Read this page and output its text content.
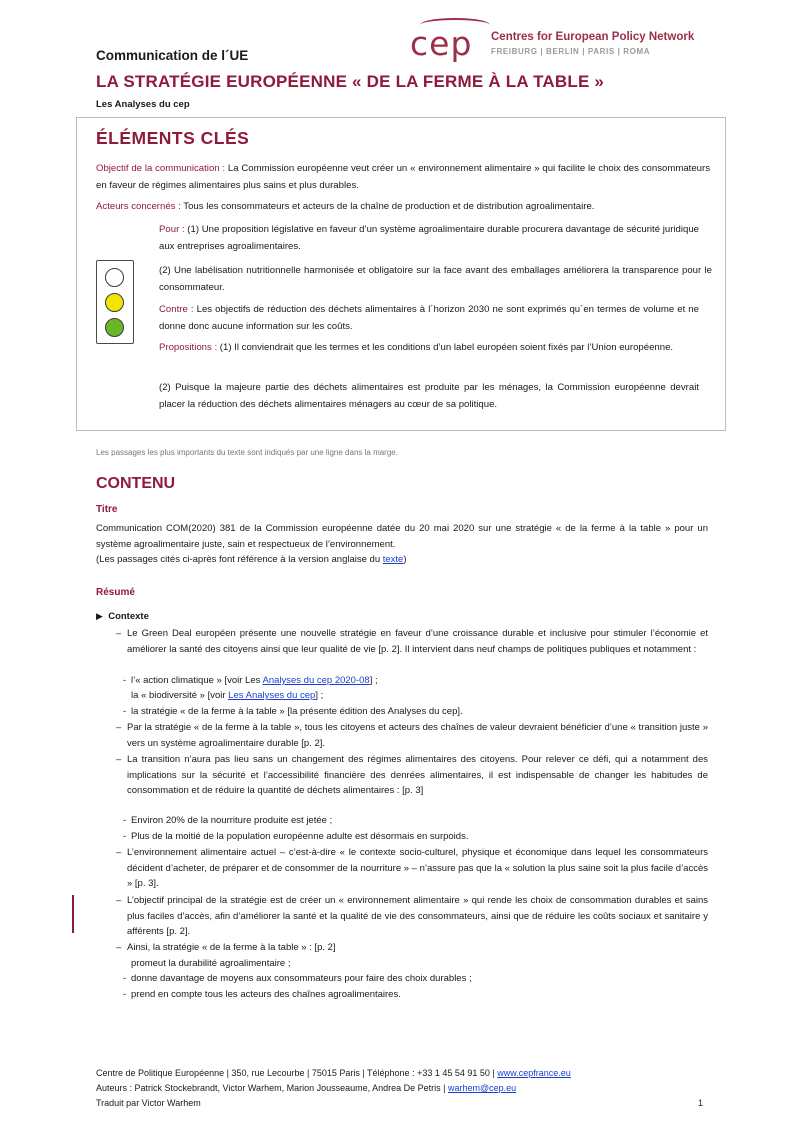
Communication de l´UE	cep Centres for European Policy Network
FREIBURG | BERLIN | PARIS | ROMA
LA STRATÉGIE EUROPÉENNE « DE LA FERME À LA TABLE »
Les Analyses du cep
ÉLÉMENTS CLÉS
Objectif de la communication : La Commission européenne veut créer un « environnement alimentaire » qui facilite le choix des consommateurs en faveur de régimes alimentaires plus sains et plus durables.
Acteurs concernés : Tous les consommateurs et acteurs de la chaîne de production et de distribution agroalimentaire.
Pour : (1) Une proposition législative en faveur d’un système agroalimentaire durable procurera davantage de sécurité juridique aux entreprises agroalimentaires.
(2) Une labélisation nutritionnelle harmonisée et obligatoire sur la face avant des emballages améliorera la transparence pour le consommateur.
Contre : Les objectifs de réduction des déchets alimentaires à l´horizon 2030 ne sont exprimés qu´en termes de volume et ne donne donc aucune information sur les coûts.
Propositions : (1) Il conviendrait que les termes et les conditions d’un label européen soient fixés par l’Union européenne.
(2) Puisque la majeure partie des déchets alimentaires est produite par les ménages, la Commission européenne devrait placer la réduction des déchets alimentaires ménagers au cœur de sa politique.
Les passages les plus importants du texte sont indiqués par une ligne dans la marge.
CONTENU
Titre
Communication COM(2020) 381 de la Commission européenne datée du 20 mai 2020 sur une stratégie « de la ferme à la table » pour un système agroalimentaire juste, sain et respectueux de l’environnement.
(Les passages cités ci-après font référence à la version anglaise du texte)
Résumé
▶ Contexte
– Le Green Deal européen présente une nouvelle stratégie en faveur d’une croissance durable et inclusive pour stimuler l’économie et améliorer la santé des citoyens ainsi que leur qualité de vie [p. 2]. Il intervient dans neuf champs de politiques publiques et notamment :
- l’« action climatique » [voir Les Analyses du cep 2020-08] ;
la « biodiversité » [voir Les Analyses du cep] ;
- la stratégie « de la ferme à la table » [la présente édition des Analyses du cep].
– Par la stratégie « de la ferme à la table », tous les citoyens et acteurs des chaînes de valeur devraient bénéficier d’une « transition juste » vers un système agroalimentaire durable [p. 2].
– La transition n’aura pas lieu sans un changement des régimes alimentaires des citoyens. Pour relever ce défi, qui a notamment des implications sur la sécurité et l’accessibilité financière des denrées alimentaires, il est indispensable de changer les habitudes de consommation et de réduire la quantité de déchets alimentaires : [p. 3]
- Environ 20% de la nourriture produite est jetée ;
- Plus de la moitié de la population européenne adulte est désormais en surpoids.
– L’environnement alimentaire actuel – c’est-à-dire « le contexte socio-culturel, physique et économique dans lequel les consommateurs décident d’acheter, de préparer et de consommer de la nourriture » – n’assure pas que la « solution la plus saine soit la plus facile d’accès » [p. 3].
– L’objectif principal de la stratégie est de créer un « environnement alimentaire » qui rende les choix de consommation durables et sains plus faciles d’accès, afin d’améliorer la santé et la qualité de vie des consommateurs, ainsi que de réduire les coûts sociaux et sanitaire y afférents [p. 2].
– Ainsi, la stratégie « de la ferme à la table » : [p. 2]
promeut la durabilité agroalimentaire ;
- donne davantage de moyens aux consommateurs pour faire des choix durables ;
- prend en compte tous les acteurs des chaînes agroalimentaires.
Centre de Politique Européenne | 350, rue Lecourbe | 75015 Paris | Téléphone : +33 1 45 54 91 50 | www.cepfrance.eu
Auteurs : Patrick Stockebrandt, Victor Warhem, Marion Jousseaume, Andrea De Petris | warhem@cep.eu
Traduit par Victor Warhem	1
